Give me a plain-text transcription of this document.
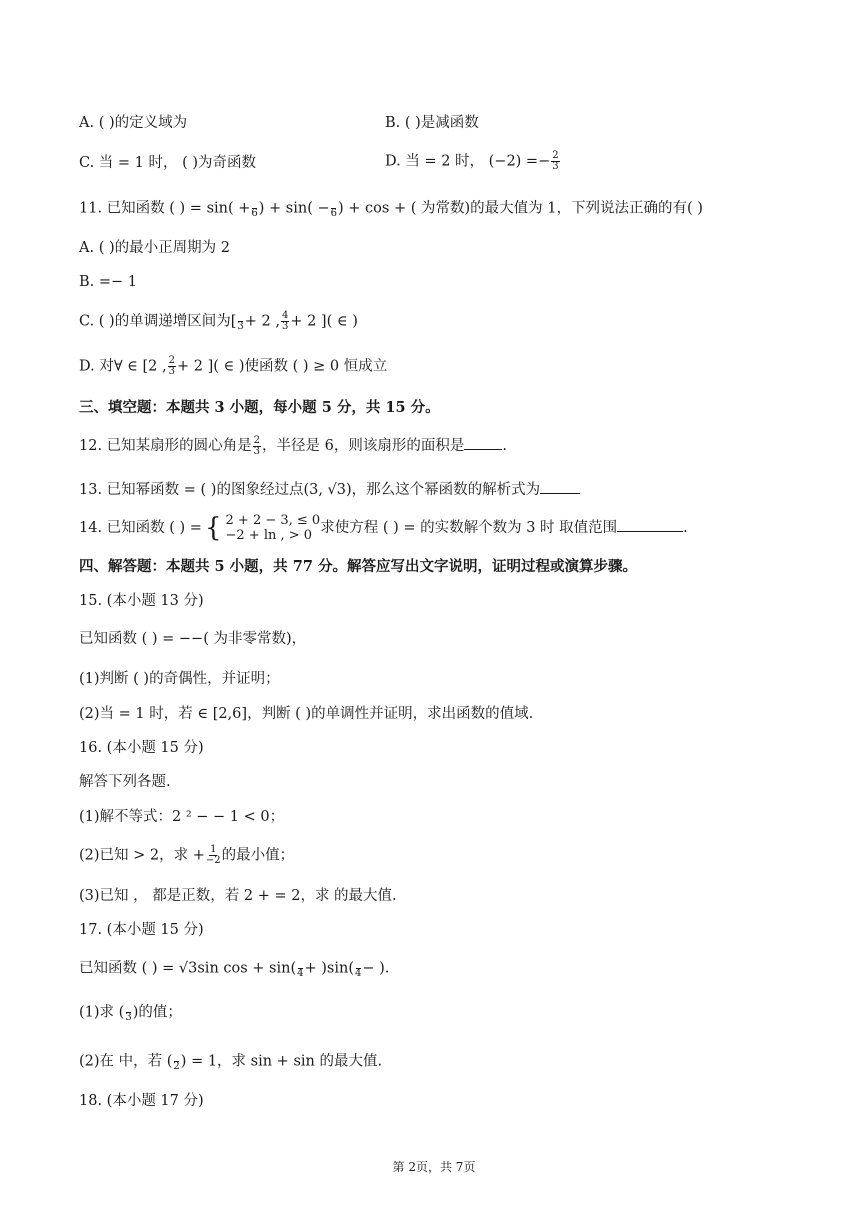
A. ( )的定义域为	B. ( )是减函数
C. 当 = 1 时， ( )为奇函数	D. 当 = 2 时， $(-2) =- \frac{2}{3}$
11. 已知函数 ( ) = sin( +
6 ) + sin( −
6 ) + cos + ( 为常数)的最大值为 1，下列说法正确的有( )
A. ( )的最小正周期为 2
B. =− 1
C. ( )的单调递增区间为[
3 + 2 , $\frac{4}{3} + 2$ ]( ∈ )
D. 对∀ ∈ [2 , $\frac{2}{3} + 2$ ]( ∈ )使函数 ( ) ≥ 0 恒成立
三、填空题：本题共 3 小题，每小题 5 分，共 15 分。
12. 已知某扇形的圆心角是 $\frac{2}{3}$ ，半径是 6，则该扇形的面积是	.
13. 已知幂函数 = ( )的图象经过点(3, √3)，那么这个幂函数的解析式为
14. 已知函数 ( ) = { 2 + 2 − 3, ≤ 0
−2 + ln , > 0 求使方程 ( ) = 的实数解个数为 3 时 取值范围	.
四、解答题：本题共 5 小题，共 77 分。解答应写出文字说明，证明过程或演算步骤。
15. (本小题 13 分)
已知函数 ( ) = −−( 为非零常数)，
(1)判断 ( )的奇偶性，并证明；
(2)当 = 1 时，若 ∈ [2,6]，判断 ( )的单调性并证明，求出函数的值域.
16. (本小题 15 分)
解答下列各题.
(1)解不等式：2 ² − − 1 < 0；
(2)已知 > 2，求 + $\frac{1}{-2}$ 的最小值；
(3)已知 ， 都是正数，若 2 + = 2，求 的最大值.
17. (本小题 15 分)
已知函数 ( ) = √3sin cos + sin(
4 + )sin(
4 − ).
(1)求 (
3 )的值；
(2)在 中，若 (
2 ) = 1，求 sin + sin 的最大值.
18. (本小题 17 分)
第 2页，共 7页
